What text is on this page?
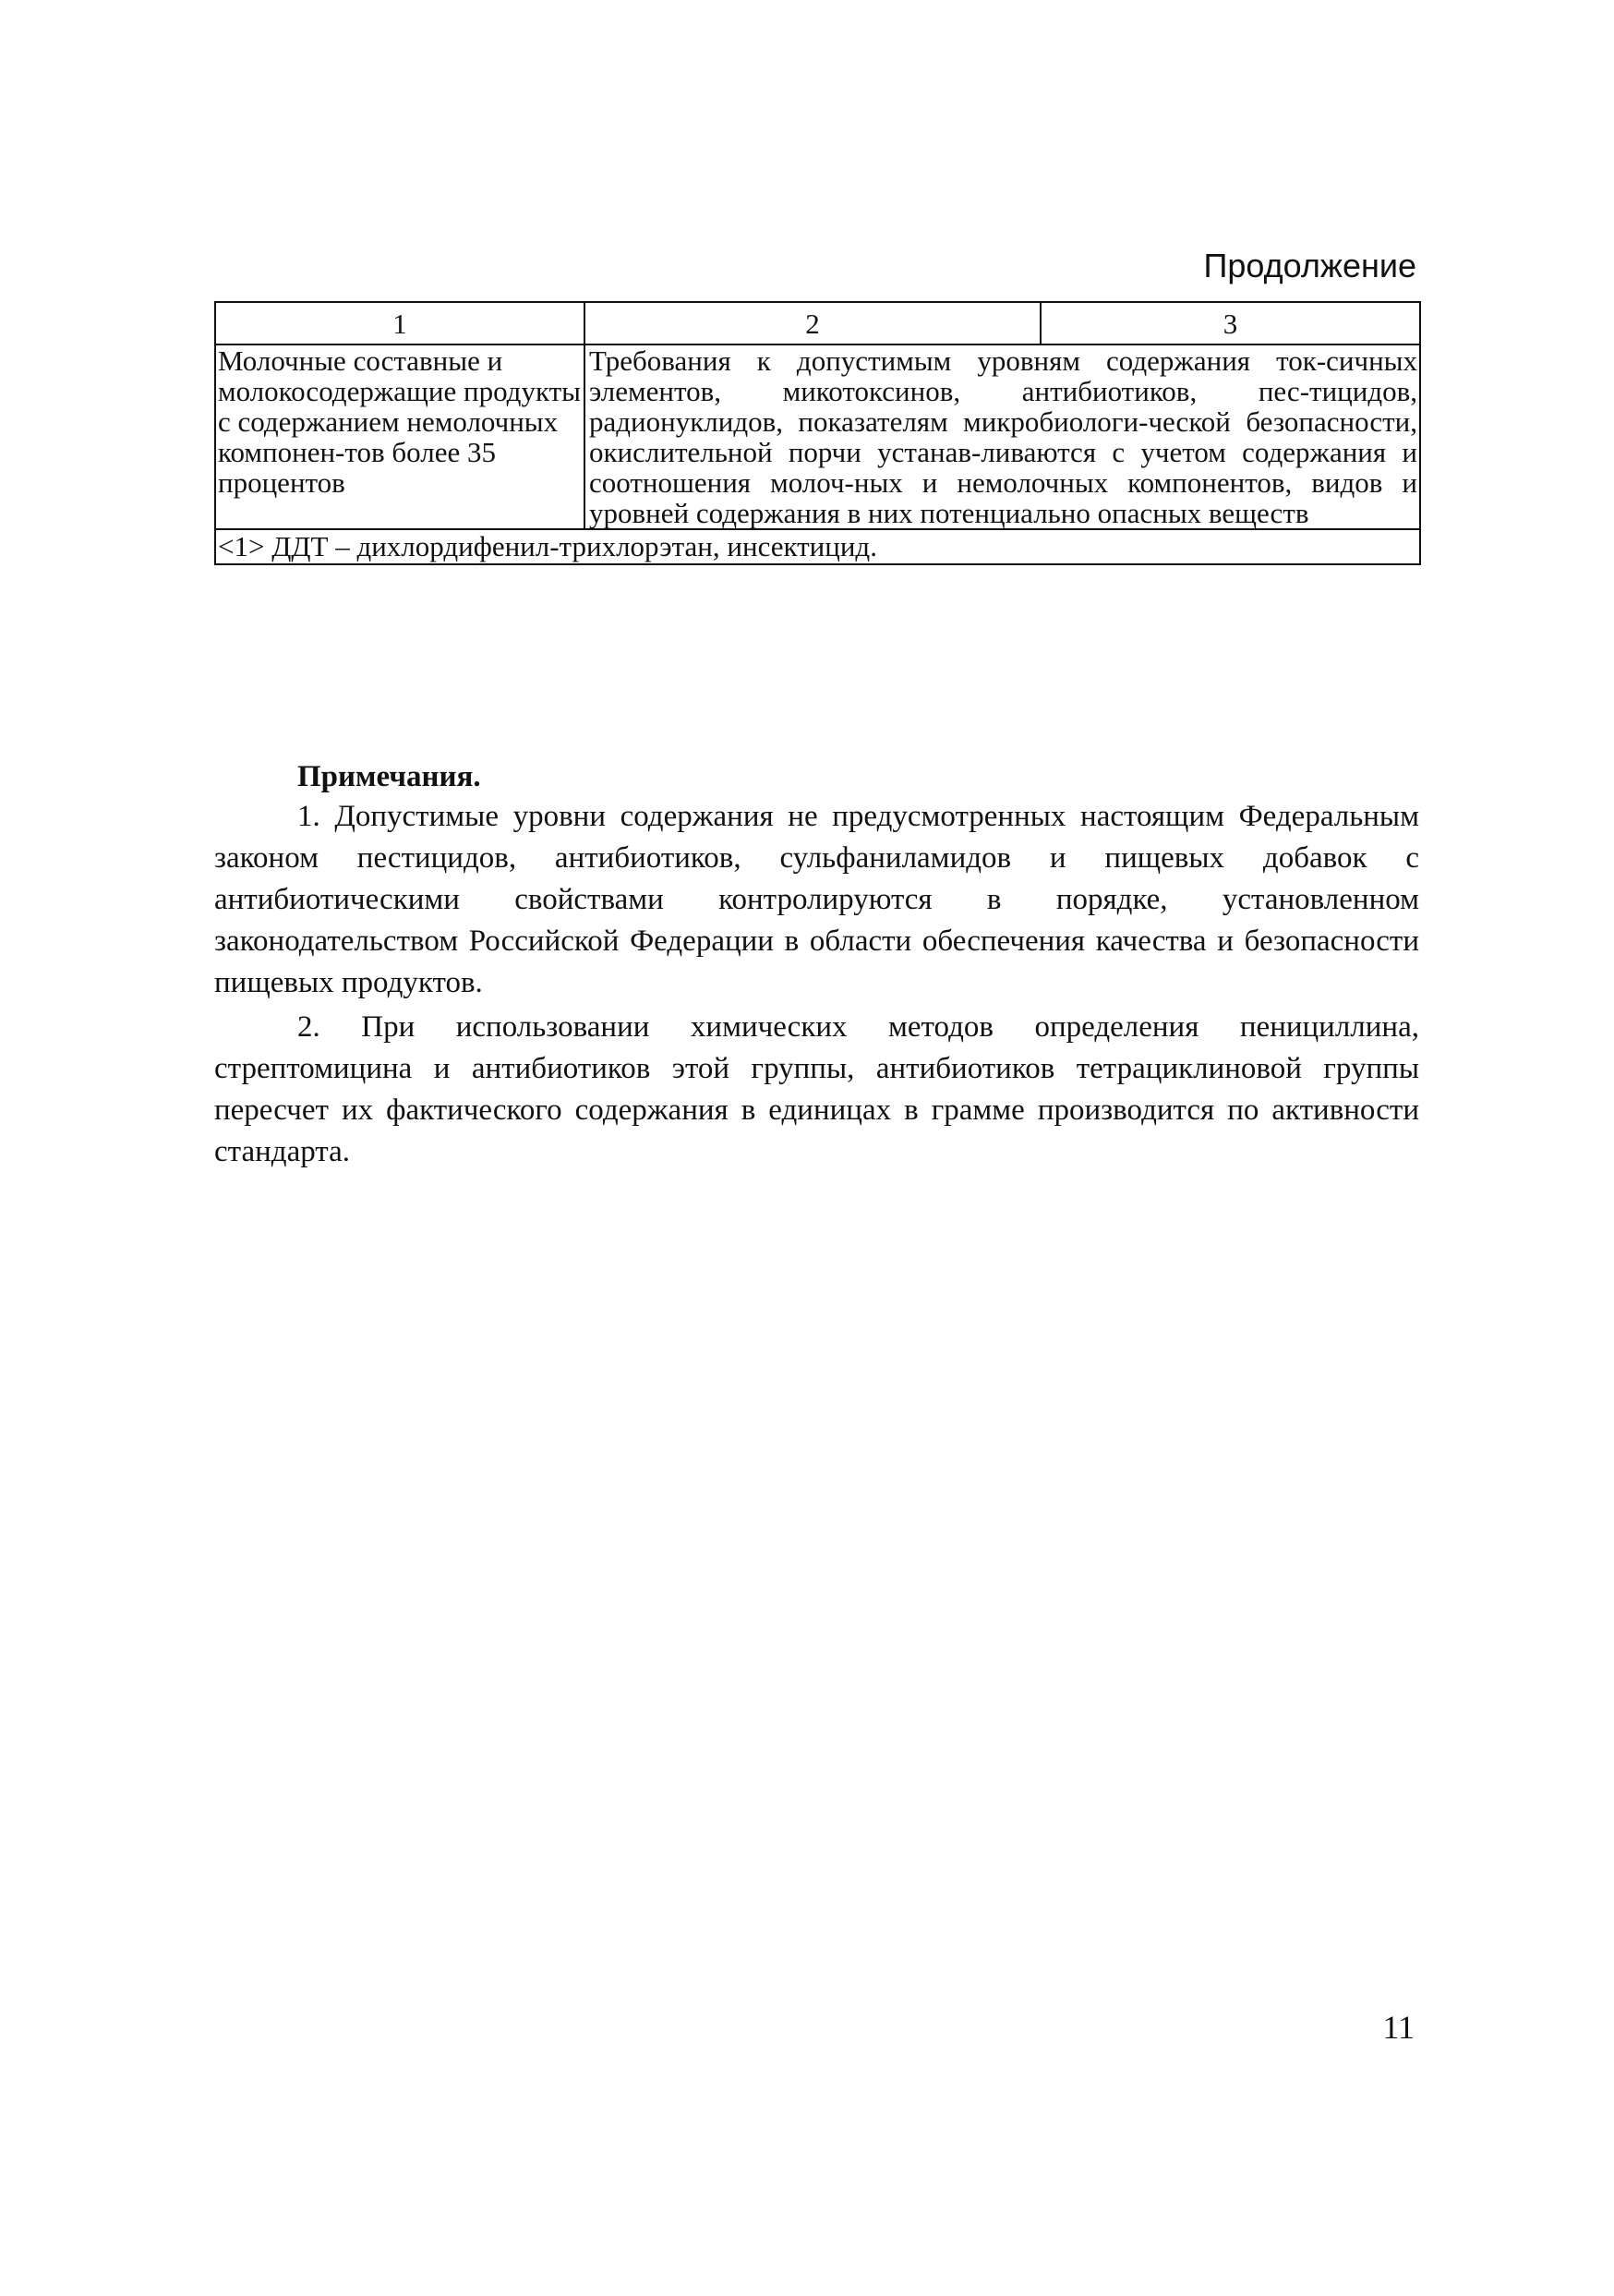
Продолжение
1	2	3
Молочные составные и молокосодержащие продукты с содержанием немолочных компонен-тов более 35 процентов	Требования к допустимым уровням содержания ток-сичных элементов, микотоксинов, антибиотиков, пес-тицидов, радионуклидов, показателям микробиологи-ческой безопасности, окислительной порчи устанав-ливаются с учетом содержания и соотношения молоч-ных и немолочных компонентов, видов и уровней содержания в них потенциально опасных веществ	
<1> ДДТ – дихлордифенил-трихлорэтан, инсектицид.		
Примечания.

1. Допустимые уровни содержания не предусмотренных настоящим Федеральным законом пестицидов, антибиотиков, сульфаниламидов и пищевых добавок с антибиотическими свойствами контролируются в порядке, установленном законодательством Российской Федерации в области обеспечения качества и безопасности пищевых продуктов.

2. При использовании химических методов определения пенициллина, стрептомицина и антибиотиков этой группы, антибиотиков тетрациклиновой группы пересчет их фактического содержания в единицах в грамме производится по активности стандарта.

11
